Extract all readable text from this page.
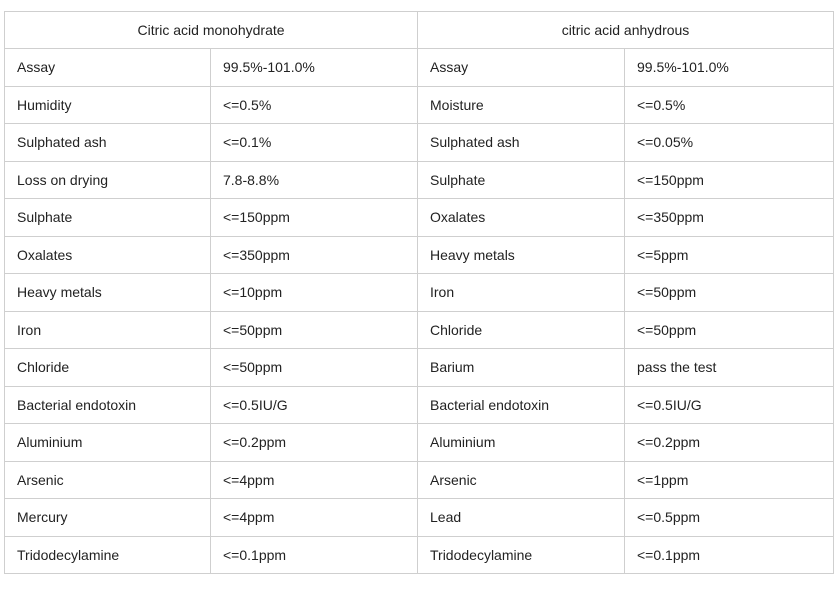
Citric acid monohydrate		citric acid anhydrous	
Assay	99.5%-101.0%	Assay	99.5%-101.0%
Humidity	<=0.5%	Moisture	<=0.5%
Sulphated ash	<=0.1%	Sulphated ash	<=0.05%
Loss on drying	7.8-8.8%	Sulphate	<=150ppm
Sulphate	<=150ppm	Oxalates	<=350ppm
Oxalates	<=350ppm	Heavy metals	<=5ppm
Heavy metals	<=10ppm	Iron	<=50ppm
Iron	<=50ppm	Chloride	<=50ppm
Chloride	<=50ppm	Barium	pass the test
Bacterial endotoxin	<=0.5IU/G	Bacterial endotoxin	<=0.5IU/G
Aluminium	<=0.2ppm	Aluminium	<=0.2ppm
Arsenic	<=4ppm	Arsenic	<=1ppm
Mercury	<=4ppm	Lead	<=0.5ppm
Tridodecylamine	<=0.1ppm	Tridodecylamine	<=0.1ppm
